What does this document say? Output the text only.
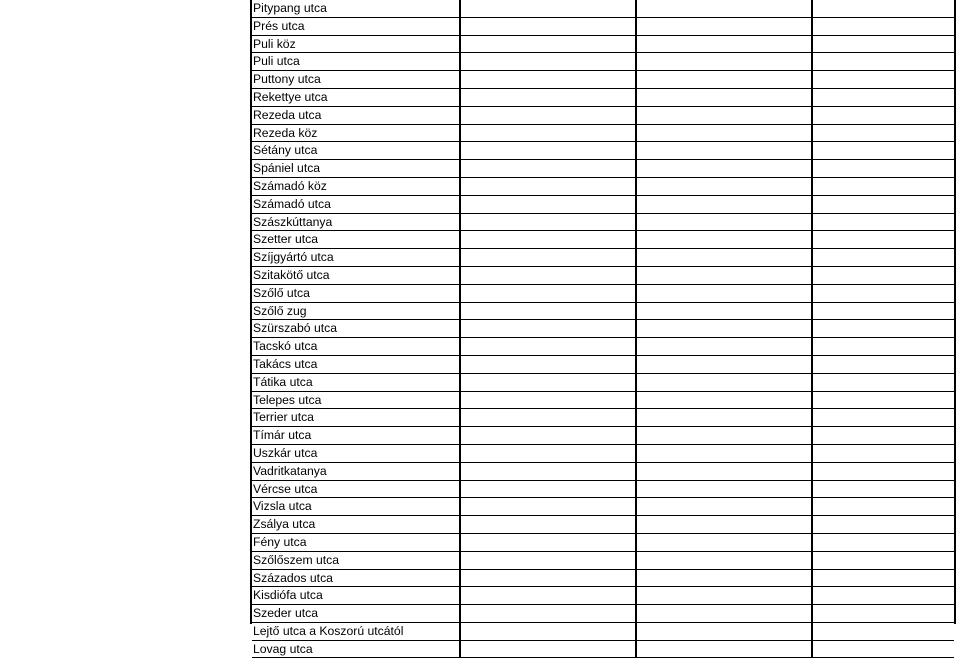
Pitypang utca			
Prés utca			
Puli köz			
Puli utca			
Puttony utca			
Rekettye utca			
Rezeda utca			
Rezeda köz			
Sétány utca			
Spániel utca			
Számadó köz			
Számadó utca			
Szászkúttanya			
Szetter utca			
Szíjgyártó utca			
Szitakötő utca			
Szőlő utca			
Szőlő zug			
Szürszabó utca			
Tacskó utca			
Takács utca			
Tátika utca			
Telepes utca			
Terrier utca			
Tímár utca			
Uszkár utca			
Vadritkatanya			
Vércse utca			
Vizsla utca			
Zsálya utca			
Fény utca			
Szőlőszem utca			
Százados utca			
Kisdiófa utca			
Szeder utca			
Lejtő utca a Koszorú utcától			
Lovag utca			
